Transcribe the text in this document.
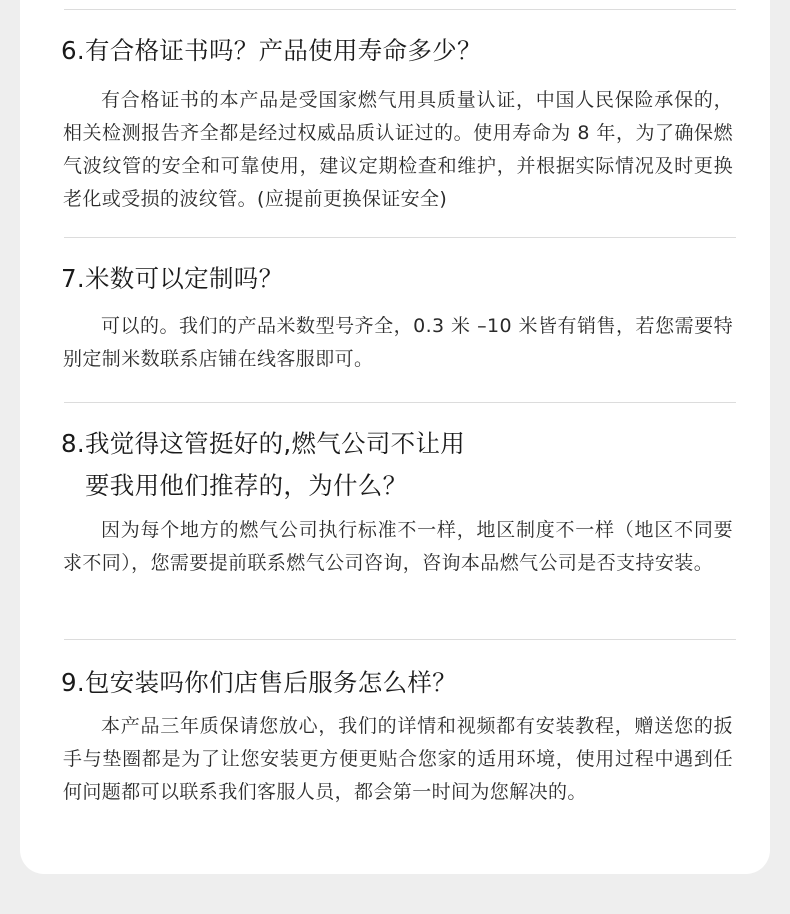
6.有合格证书吗？产品使用寿命多少？

有合格证书的本产品是受国家燃气用具质量认证，中国人民保险承保的，相关检测报告齐全都是经过权威品质认证过的。使用寿命为 8 年，为了确保燃气波纹管的安全和可靠使用，建议定期检查和维护，并根据实际情况及时更换老化或受损的波纹管。(应提前更换保证安全)

7.米数可以定制吗？

可以的。我们的产品米数型号齐全，0.3 米 –10 米皆有销售，若您需要特别定制米数联系店铺在线客服即可。

8.我觉得这管挺好的,燃气公司不让用
要我用他们推荐的，为什么？

因为每个地方的燃气公司执行标准不一样，地区制度不一样（地区不同要求不同），您需要提前联系燃气公司咨询，咨询本品燃气公司是否支持安装。

9.包安装吗你们店售后服务怎么样？

本产品三年质保请您放心，我们的详情和视频都有安装教程，赠送您的扳手与垫圈都是为了让您安装更方便更贴合您家的适用环境，使用过程中遇到任何问题都可以联系我们客服人员，都会第一时间为您解决的。
